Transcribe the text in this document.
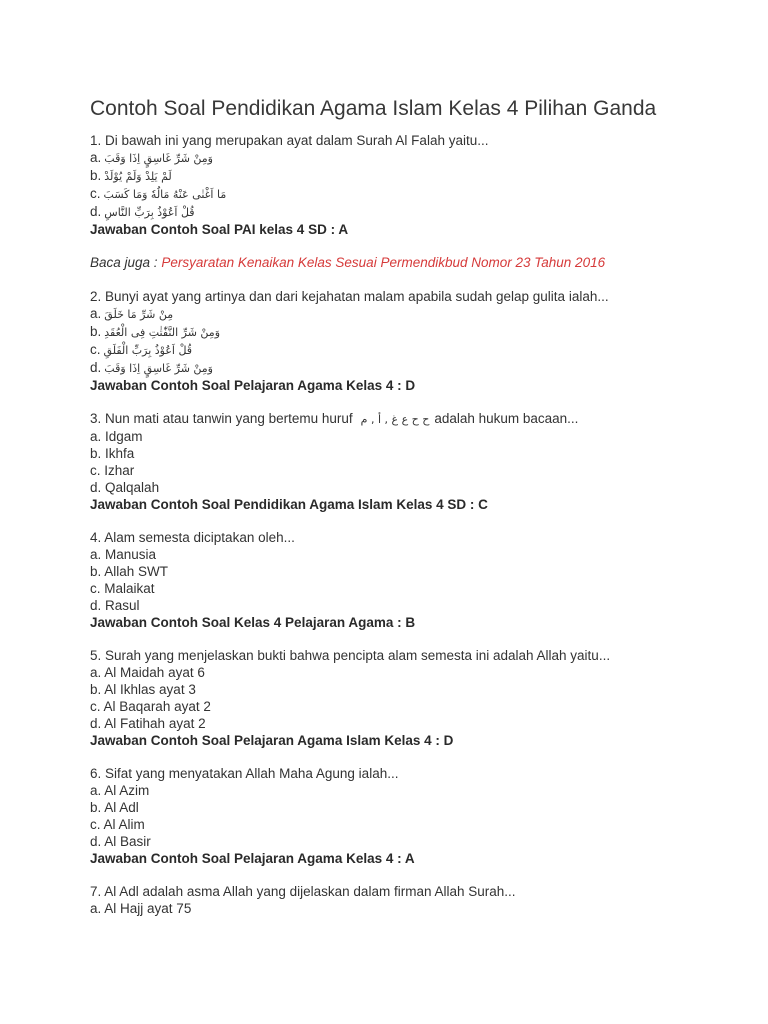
Contoh Soal Pendidikan Agama Islam Kelas 4 Pilihan Ganda
1. Di bawah ini yang merupakan ayat dalam Surah Al Falah yaitu...
a. وَمِنْ شَرِّ غَاسِقٍ اِذَا وَقَبَ
b. لَمْ يَلِدْ وَلَمْ يُوْلَدْ
c. مَا اَغْنٰى عَنْهُ مَالُهٗ وَمَا كَسَبَ
d. قُلْ اَعُوْذُ بِرَبِّ النَّاسِ
Jawaban Contoh Soal PAI kelas 4 SD : A
Baca juga : Persyaratan Kenaikan Kelas Sesuai Permendikbud Nomor 23 Tahun 2016
2. Bunyi ayat yang artinya dan dari kejahatan malam apabila sudah gelap gulita ialah...
a. مِنْ شَرِّ مَا خَلَقَ
b. وَمِنْ شَرِّ النَّفّٰثٰتِ فِى الْعُقَدِ
c. قُلْ اَعُوْذُ بِرَبِّ الْفَلَقِ
d. وَمِنْ شَرِّ غَاسِقٍ اِذَا وَقَبَ
Jawaban Contoh Soal Pelajaran Agama Kelas 4 : D
3. Nun mati atau tanwin yang bertemu huruf ح ح ع غ , أ , م adalah hukum bacaan...
a. Idgam
b. Ikhfa
c. Izhar
d. Qalqalah
Jawaban Contoh Soal Pendidikan Agama Islam Kelas 4 SD : C
4. Alam semesta diciptakan oleh...
a. Manusia
b. Allah SWT
c. Malaikat
d. Rasul
Jawaban Contoh Soal Kelas 4 Pelajaran Agama : B
5. Surah yang menjelaskan bukti bahwa pencipta alam semesta ini adalah Allah yaitu...
a. Al Maidah ayat 6
b. Al Ikhlas ayat 3
c. Al Baqarah ayat 2
d. Al Fatihah ayat 2
Jawaban Contoh Soal Pelajaran Agama Islam Kelas 4 : D
6. Sifat yang menyatakan Allah Maha Agung ialah...
a. Al Azim
b. Al Adl
c. Al Alim
d. Al Basir
Jawaban Contoh Soal Pelajaran Agama Kelas 4 : A
7. Al Adl adalah asma Allah yang dijelaskan dalam firman Allah Surah...
a. Al Hajj ayat 75
